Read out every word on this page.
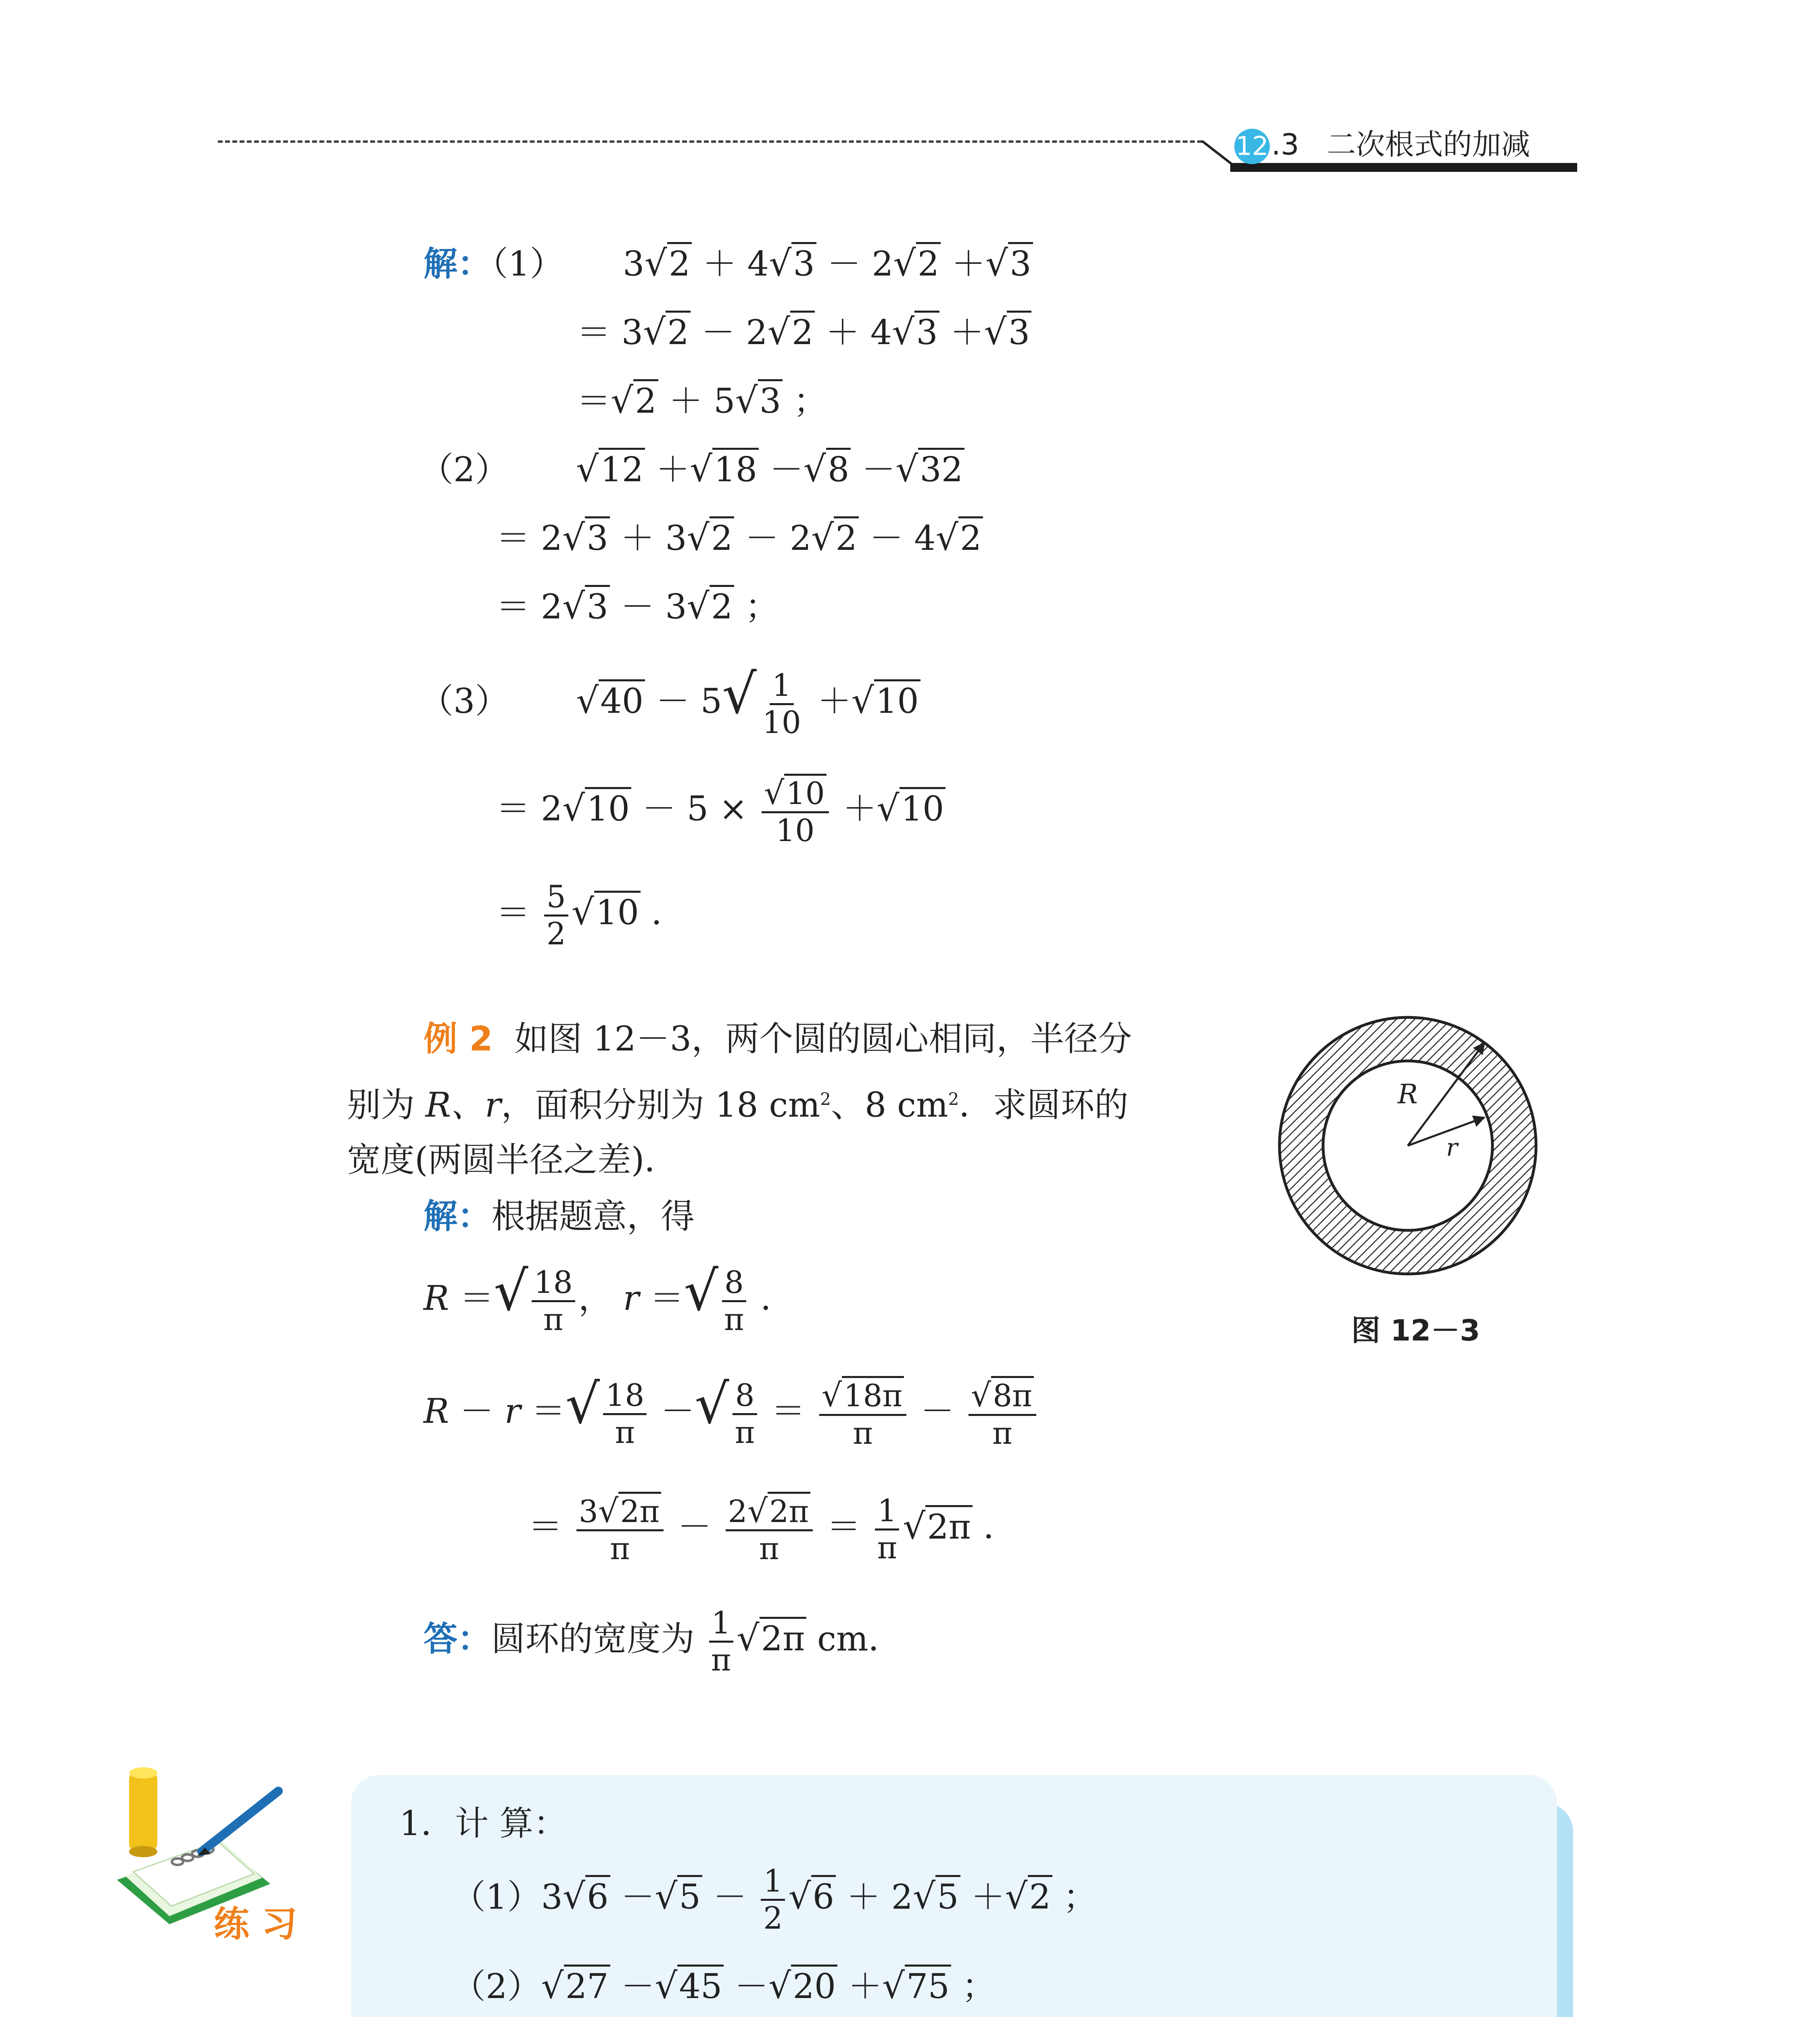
12 .3 二次根式的加减
解：（1） 3√2 ＋ 4√3 － 2√2 ＋√3
＝ 3√2 － 2√2 ＋ 4√3 ＋√3
＝√2 ＋ 5√3 ；
（2） √12 ＋√18 －√8 －√32
＝ 2√3 ＋ 3√2 － 2√2 － 4√2
＝ 2√3 － 3√2 ；
（3） $√40 - 5√ \frac{1}{10} +√10$
＝ $2√10 - 5 \times \frac{√10}{10} +√10$
＝ $\frac{5}{2} √10$ ．
例 2 如图 12－3，两个圆的圆心相同，半径分
别为 R、r，面积分别为 18 $cm^2$、8 $cm^2$．求圆环的
宽度(两圆半径之差)．
解：根据题意，得
R ＝√ $\frac{18}{\pi}$ ， r ＝√ $\frac{8}{\pi}$ ．
R － r ＝√ $\frac{18}{\pi}$ －√ $\frac{8}{\pi} = \frac{√18\pi}{\pi} - \frac{√8\pi}{\pi}$
＝ $\frac{3√2\pi}{\pi} - \frac{2√2\pi}{\pi} = \frac{1}{\pi} √2\pi$ ．
答：圆环的宽度为 $\frac{1}{\pi} √2\pi$ cm．
R
r
图 12－3
练 习
1．计 算：
$(1)3√6 -√5 - \frac{1}{2} √6 + 2√5 +√2$ ；
（2）√27 －√45 －√20 ＋√75 ；
